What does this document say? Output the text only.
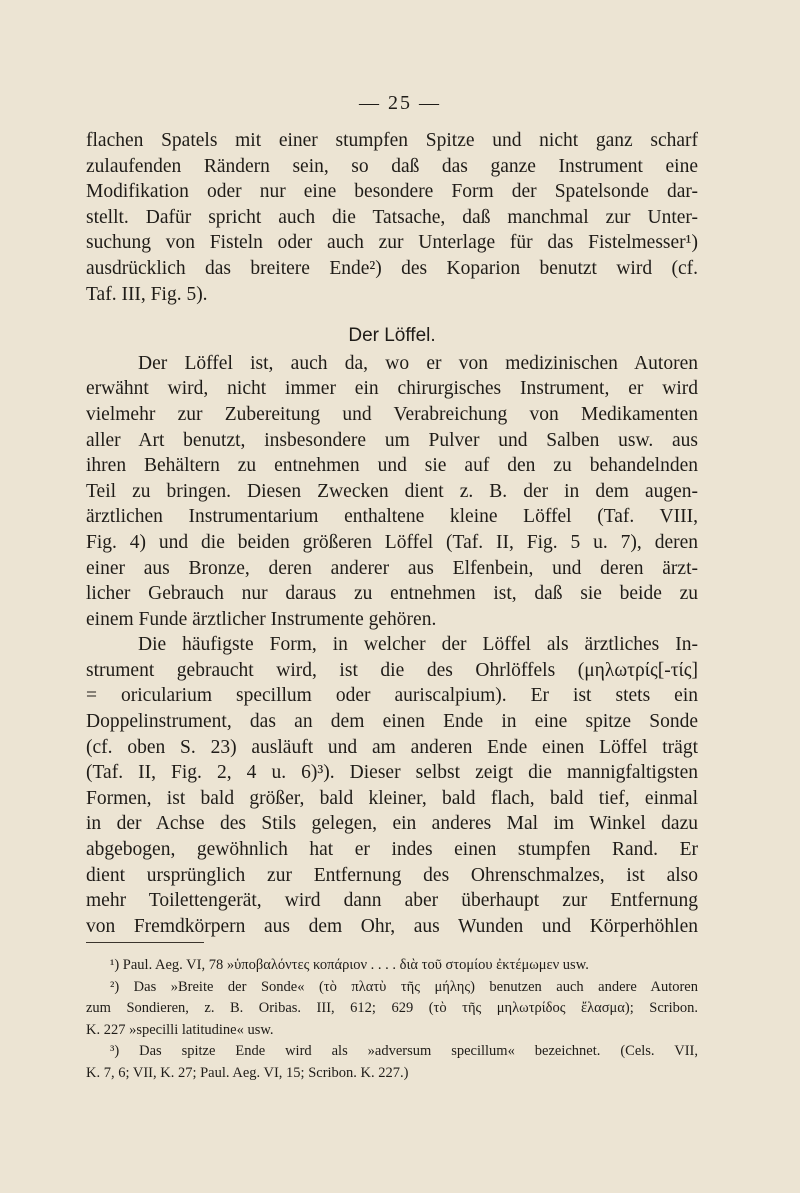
— 25 —
flachen Spatels mit einer stumpfen Spitze und nicht ganz scharf
zulaufenden Rändern sein, so daß das ganze Instrument eine
Modifikation oder nur eine besondere Form der Spatelsonde dar-
stellt. Dafür spricht auch die Tatsache, daß manchmal zur Unter-
suchung von Fisteln oder auch zur Unterlage für das Fistelmesser¹)
ausdrücklich das breitere Ende²) des Koparion benutzt wird (cf.
Taf. III, Fig. 5).
Der Löffel.
Der Löffel ist, auch da, wo er von medizinischen Autoren
erwähnt wird, nicht immer ein chirurgisches Instrument, er wird
vielmehr zur Zubereitung und Verabreichung von Medikamenten
aller Art benutzt, insbesondere um Pulver und Salben usw. aus
ihren Behältern zu entnehmen und sie auf den zu behandelnden
Teil zu bringen. Diesen Zwecken dient z. B. der in dem augen-
ärztlichen Instrumentarium enthaltene kleine Löffel (Taf. VIII,
Fig. 4) und die beiden größeren Löffel (Taf. II, Fig. 5 u. 7), deren
einer aus Bronze, deren anderer aus Elfenbein, und deren ärzt-
licher Gebrauch nur daraus zu entnehmen ist, daß sie beide zu
einem Funde ärztlicher Instrumente gehören.
Die häufigste Form, in welcher der Löffel als ärztliches In-
strument gebraucht wird, ist die des Ohrlöffels (μηλωτρίς[-τίς]
= oricularium specillum oder auriscalpium). Er ist stets ein
Doppelinstrument, das an dem einen Ende in eine spitze Sonde
(cf. oben S. 23) ausläuft und am anderen Ende einen Löffel trägt
(Taf. II, Fig. 2, 4 u. 6)³). Dieser selbst zeigt die mannigfaltigsten
Formen, ist bald größer, bald kleiner, bald flach, bald tief, einmal
in der Achse des Stils gelegen, ein anderes Mal im Winkel dazu
abgebogen, gewöhnlich hat er indes einen stumpfen Rand. Er
dient ursprünglich zur Entfernung des Ohrenschmalzes, ist also
mehr Toilettengerät, wird dann aber überhaupt zur Entfernung
von Fremdkörpern aus dem Ohr, aus Wunden und Körperhöhlen
¹) Paul. Aeg. VI, 78 »ὑποβαλόντες κοπάριον . . . . διὰ τοῦ στομίου ἐκτέμωμεν usw.
²) Das »Breite der Sonde« (τὸ πλατὺ τῆς μήλης) benutzen auch andere Autoren
zum Sondieren, z. B. Oribas. III, 612; 629 (τὸ τῆς μηλωτρίδος ἔλασμα); Scribon.
K. 227 »specilli latitudine« usw.
³) Das spitze Ende wird als »adversum specillum« bezeichnet. (Cels. VII,
K. 7, 6; VII, K. 27; Paul. Aeg. VI, 15; Scribon. K. 227.)
